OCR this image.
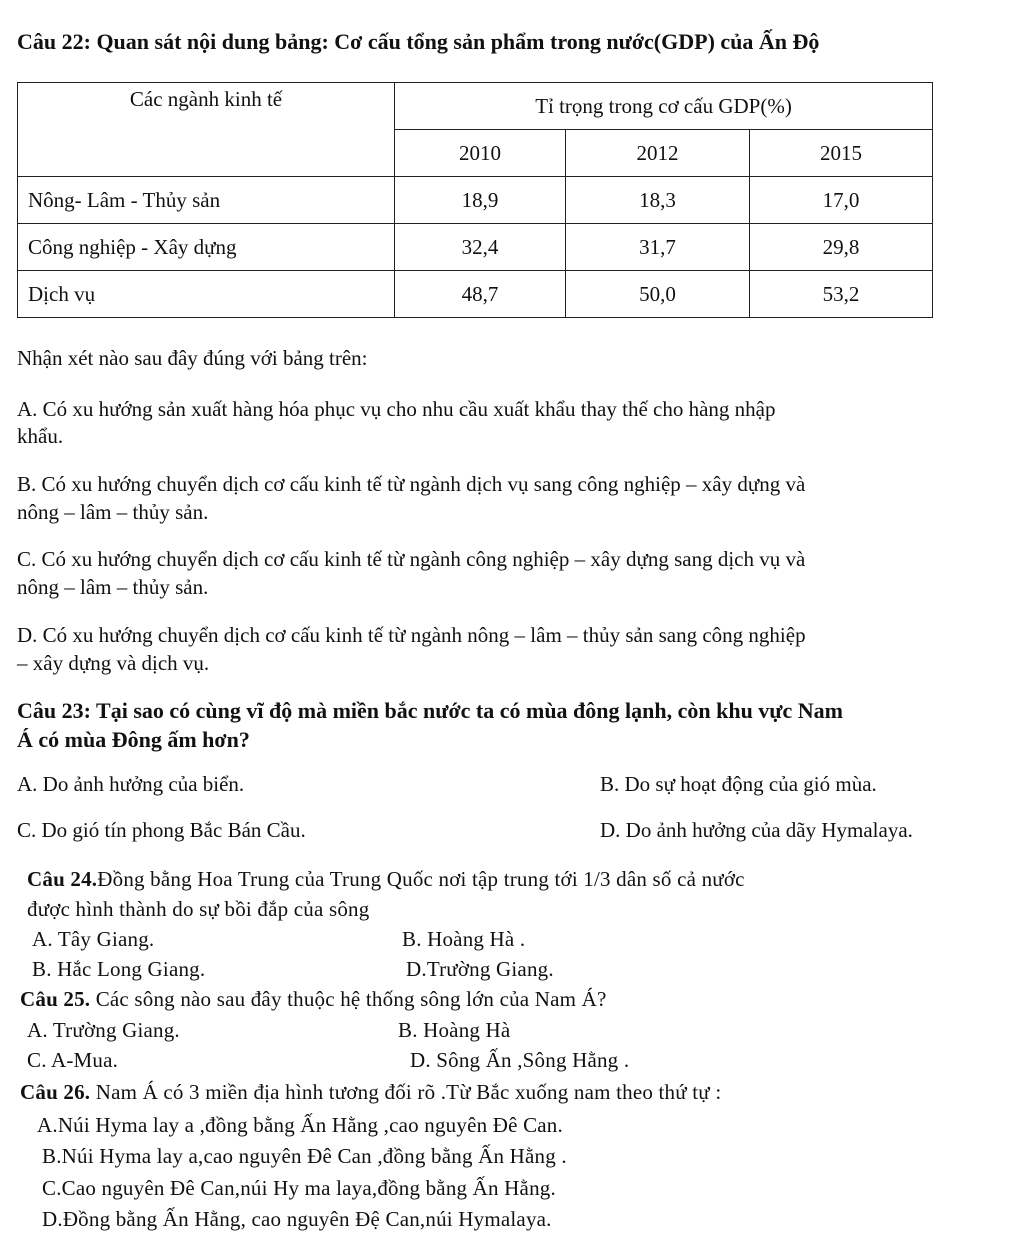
Câu 22: Quan sát nội dung bảng: Cơ cấu tổng sản phẩm trong nước(GDP) của Ấn Độ
Các ngành kinh tế	Tỉ trọng trong cơ cấu GDP(%)		
	2010	2012	2015
Nông- Lâm - Thủy sản	18,9	18,3	17,0
Công nghiệp - Xây dựng	32,4	31,7	29,8
Dịch vụ	48,7	50,0	53,2
Nhận xét nào sau đây đúng với bảng trên:
A. Có xu hướng sản xuất hàng hóa phục vụ cho nhu cầu xuất khẩu thay thế cho hàng nhập
khẩu.
B. Có xu hướng chuyển dịch cơ cấu kinh tế từ ngành dịch vụ sang công nghiệp – xây dựng và
nông – lâm – thủy sản.
C. Có xu hướng chuyển dịch cơ cấu kinh tế từ ngành công nghiệp – xây dựng sang dịch vụ và
nông – lâm – thủy sản.
D. Có xu hướng chuyển dịch cơ cấu kinh tế từ ngành nông – lâm – thủy sản sang công nghiệp
– xây dựng và dịch vụ.
Câu 23: Tại sao có cùng vĩ độ mà miền bắc nước ta có mùa đông lạnh, còn khu vực Nam
Á có mùa Đông ấm hơn?
A. Do ảnh hưởng của biển.	B. Do sự hoạt động của gió mùa.
C. Do gió tín phong Bắc Bán Cầu.	D. Do ảnh hưởng của dãy Hymalaya.
Câu 24.Đồng bằng Hoa Trung của Trung Quốc nơi tập trung tới 1/3 dân số cả nước
được hình thành do sự bồi đắp của sông
A. Tây Giang.	B. Hoàng Hà .
B. Hắc Long Giang.	D.Trường Giang.
Câu 25. Các sông nào sau đây thuộc hệ thống sông lớn của Nam Á?
A. Trường Giang.	B. Hoàng Hà
C. A-Mua.	D. Sông Ấn ,Sông Hằng .
Câu 26. Nam Á có 3 miền địa hình tương đối rõ .Từ Bắc xuống nam theo thứ tự :
A.Núi Hyma lay a ,đồng bằng Ấn Hằng ,cao nguyên Đê Can.
B.Núi Hyma lay a,cao nguyên Đê Can ,đồng bằng Ấn Hằng .
C.Cao nguyên Đê Can,núi Hy ma laya,đồng bằng Ấn Hằng.
D.Đồng bằng Ấn Hằng, cao nguyên Đệ Can,núi Hymalaya.
